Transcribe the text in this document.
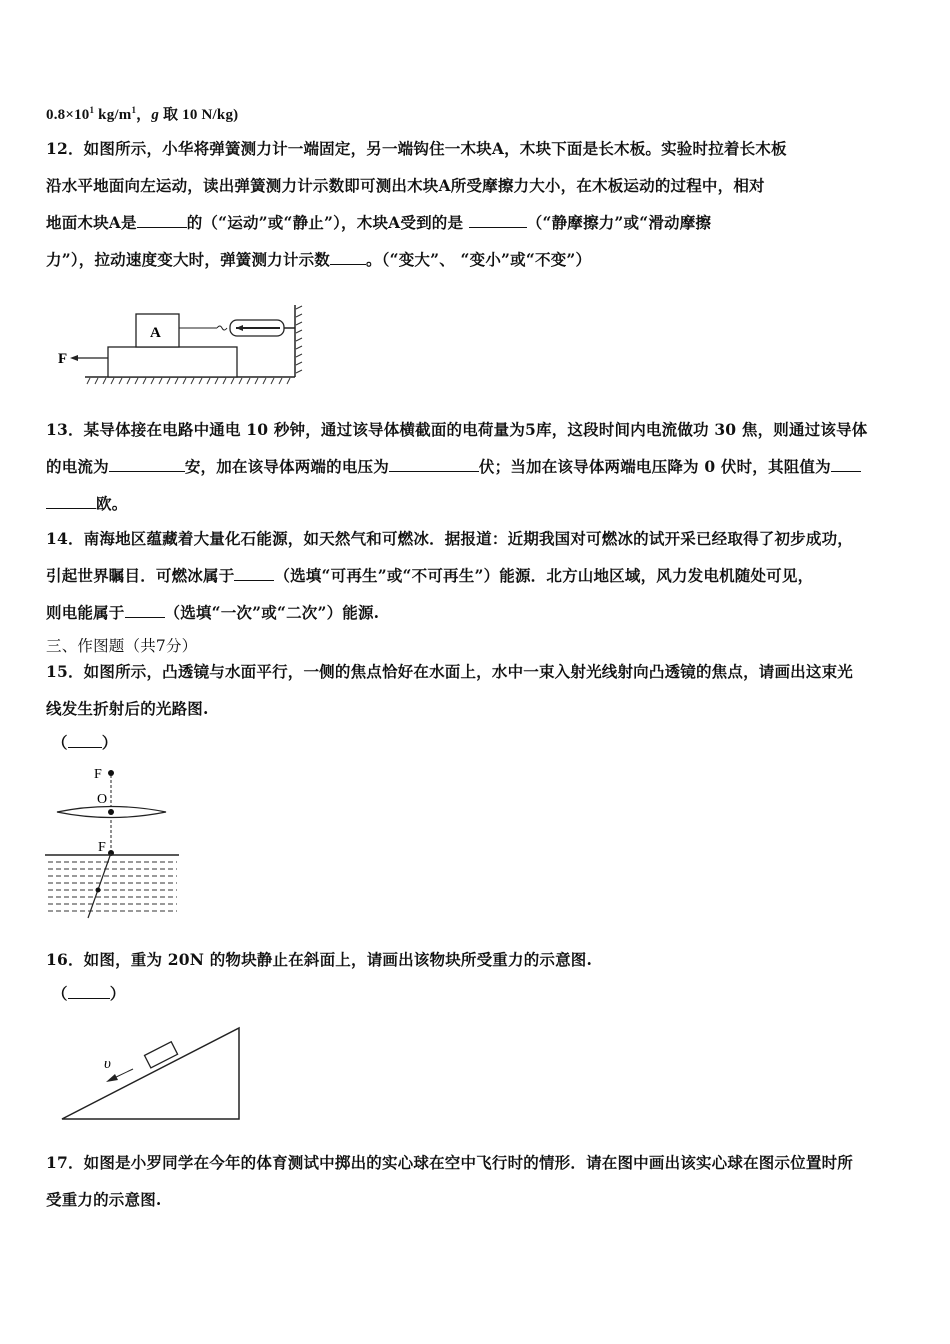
$0.8\times 10^1$ $kg/m^1$，g 取 10 N/kg)
12．如图所示，小华将弹簧测力计一端固定，另一端钩住一木块A，木块下面是长木板。实验时拉着长木板
沿水平地面向左运动，读出弹簧测力计示数即可测出木块A所受摩擦力大小，在木板运动的过程中，相对
地面木块A是	的（“运动”或“静止”），木块A受到的是	（“静摩擦力”或“滑动摩擦
力”），拉动速度变大时，弹簧测力计示数 。（“变大”、 “变小”或“不变”）
A
F
13．某导体接在电路中通电 10 秒钟，通过该导体横截面的电荷量为5库，这段时间内电流做功 30 焦，则通过该导体
的电流为	安，加在该导体两端的电压为	伏；当加在该导体两端电压降为 0 伏时，其阻值为
欧。
14．南海地区蕴藏着大量化石能源，如天然气和可燃冰．据报道：近期我国对可燃冰的试开采已经取得了初步成功，
引起世界瞩目．可燃冰属于	（选填“可再生”或“不可再生”）能源．北方山地区域，风力发电机随处可见，
则电能属于	（选填“一次”或“二次”）能源.
三、作图题（共7分）
15．如图所示，凸透镜与水面平行，一侧的焦点恰好在水面上，水中一束入射光线射向凸透镜的焦点，请画出这束光
线发生折射后的光路图.
（ ）
F
O
F
16．如图，重为 20N 的物块静止在斜面上，请画出该物块所受重力的示意图.
（	）
υ
17．如图是小罗同学在今年的体育测试中掷出的实心球在空中飞行时的情形．请在图中画出该实心球在图示位置时所
受重力的示意图.
